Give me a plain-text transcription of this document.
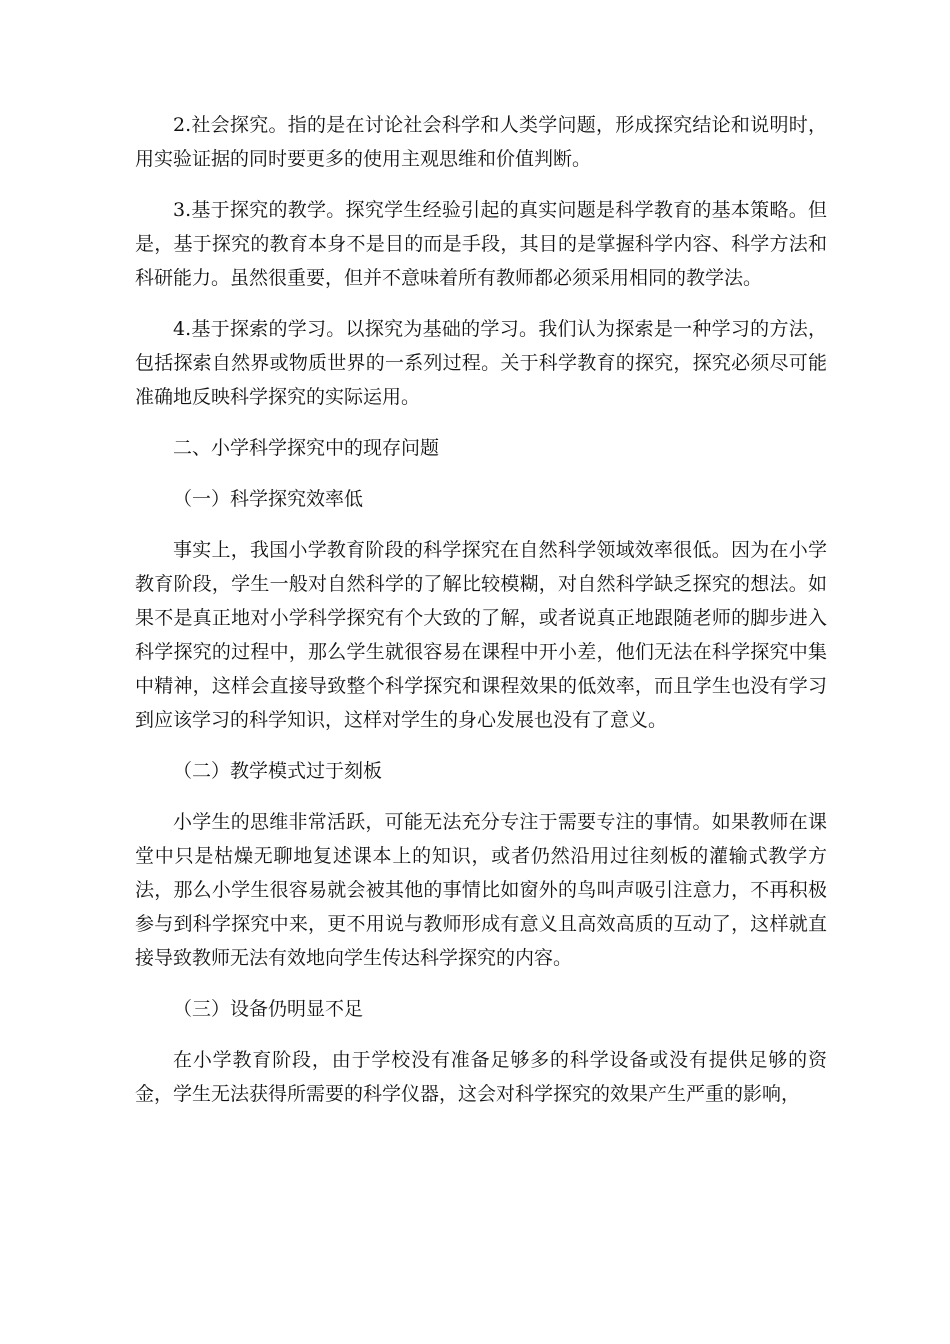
2.社会探究。指的是在讨论社会科学和人类学问题，形成探究结论和说明时，用实验证据的同时要更多的使用主观思维和价值判断。

3.基于探究的教学。探究学生经验引起的真实问题是科学教育的基本策略。但是，基于探究的教育本身不是目的而是手段，其目的是掌握科学内容、科学方法和科研能力。虽然很重要，但并不意味着所有教师都必须采用相同的教学法。

4.基于探索的学习。以探究为基础的学习。我们认为探索是一种学习的方法，包括探索自然界或物质世界的一系列过程。关于科学教育的探究，探究必须尽可能准确地反映科学探究的实际运用。

二、小学科学探究中的现存问题

（一）科学探究效率低

事实上，我国小学教育阶段的科学探究在自然科学领域效率很低。因为在小学教育阶段，学生一般对自然科学的了解比较模糊，对自然科学缺乏探究的想法。如果不是真正地对小学科学探究有个大致的了解，或者说真正地跟随老师的脚步进入科学探究的过程中，那么学生就很容易在课程中开小差，他们无法在科学探究中集中精神，这样会直接导致整个科学探究和课程效果的低效率，而且学生也没有学习到应该学习的科学知识，这样对学生的身心发展也没有了意义。

（二）教学模式过于刻板

小学生的思维非常活跃，可能无法充分专注于需要专注的事情。如果教师在课堂中只是枯燥无聊地复述课本上的知识，或者仍然沿用过往刻板的灌输式教学方法，那么小学生很容易就会被其他的事情比如窗外的鸟叫声吸引注意力，不再积极参与到科学探究中来，更不用说与教师形成有意义且高效高质的互动了，这样就直接导致教师无法有效地向学生传达科学探究的内容。

（三）设备仍明显不足

在小学教育阶段，由于学校没有准备足够多的科学设备或没有提供足够的资金，学生无法获得所需要的科学仪器，这会对科学探究的效果产生严重的影响，
